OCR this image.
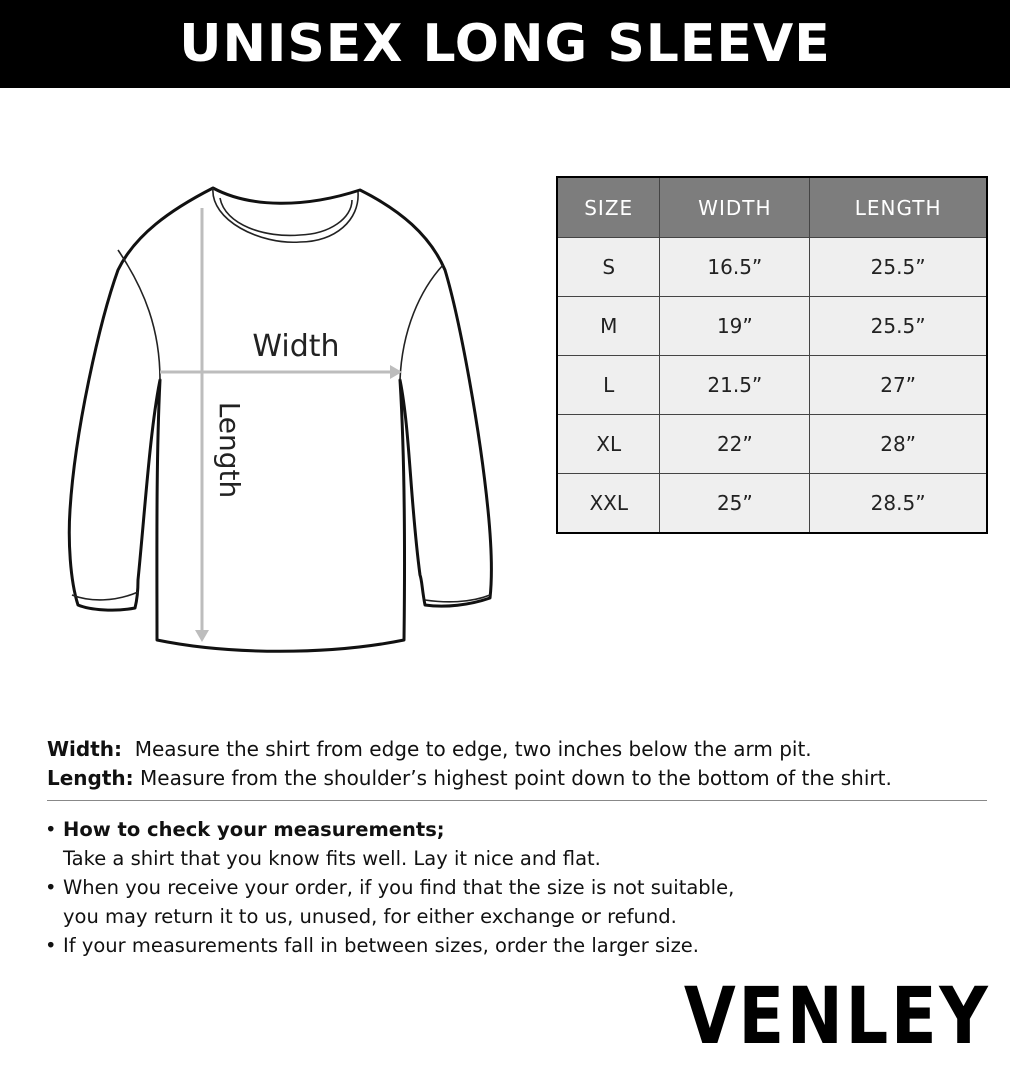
UNISEX LONG SLEEVE
Width
Length
SIZE	WIDTH	LENGTH
S	16.5”	25.5”
M	19”	25.5”
L	21.5”	27”
XL	22”	28”
XXL	25”	28.5”
Width: Measure the shirt from edge to edge, two inches below the arm pit.
Length: Measure from the shoulder’s highest point down to the bottom of the shirt.
• How to check your measurements;
Take a shirt that you know fits well. Lay it nice and flat.
• When you receive your order, if you find that the size is not suitable,
you may return it to us, unused, for either exchange or refund.
• If your measurements fall in between sizes, order the larger size.
VENLEY
